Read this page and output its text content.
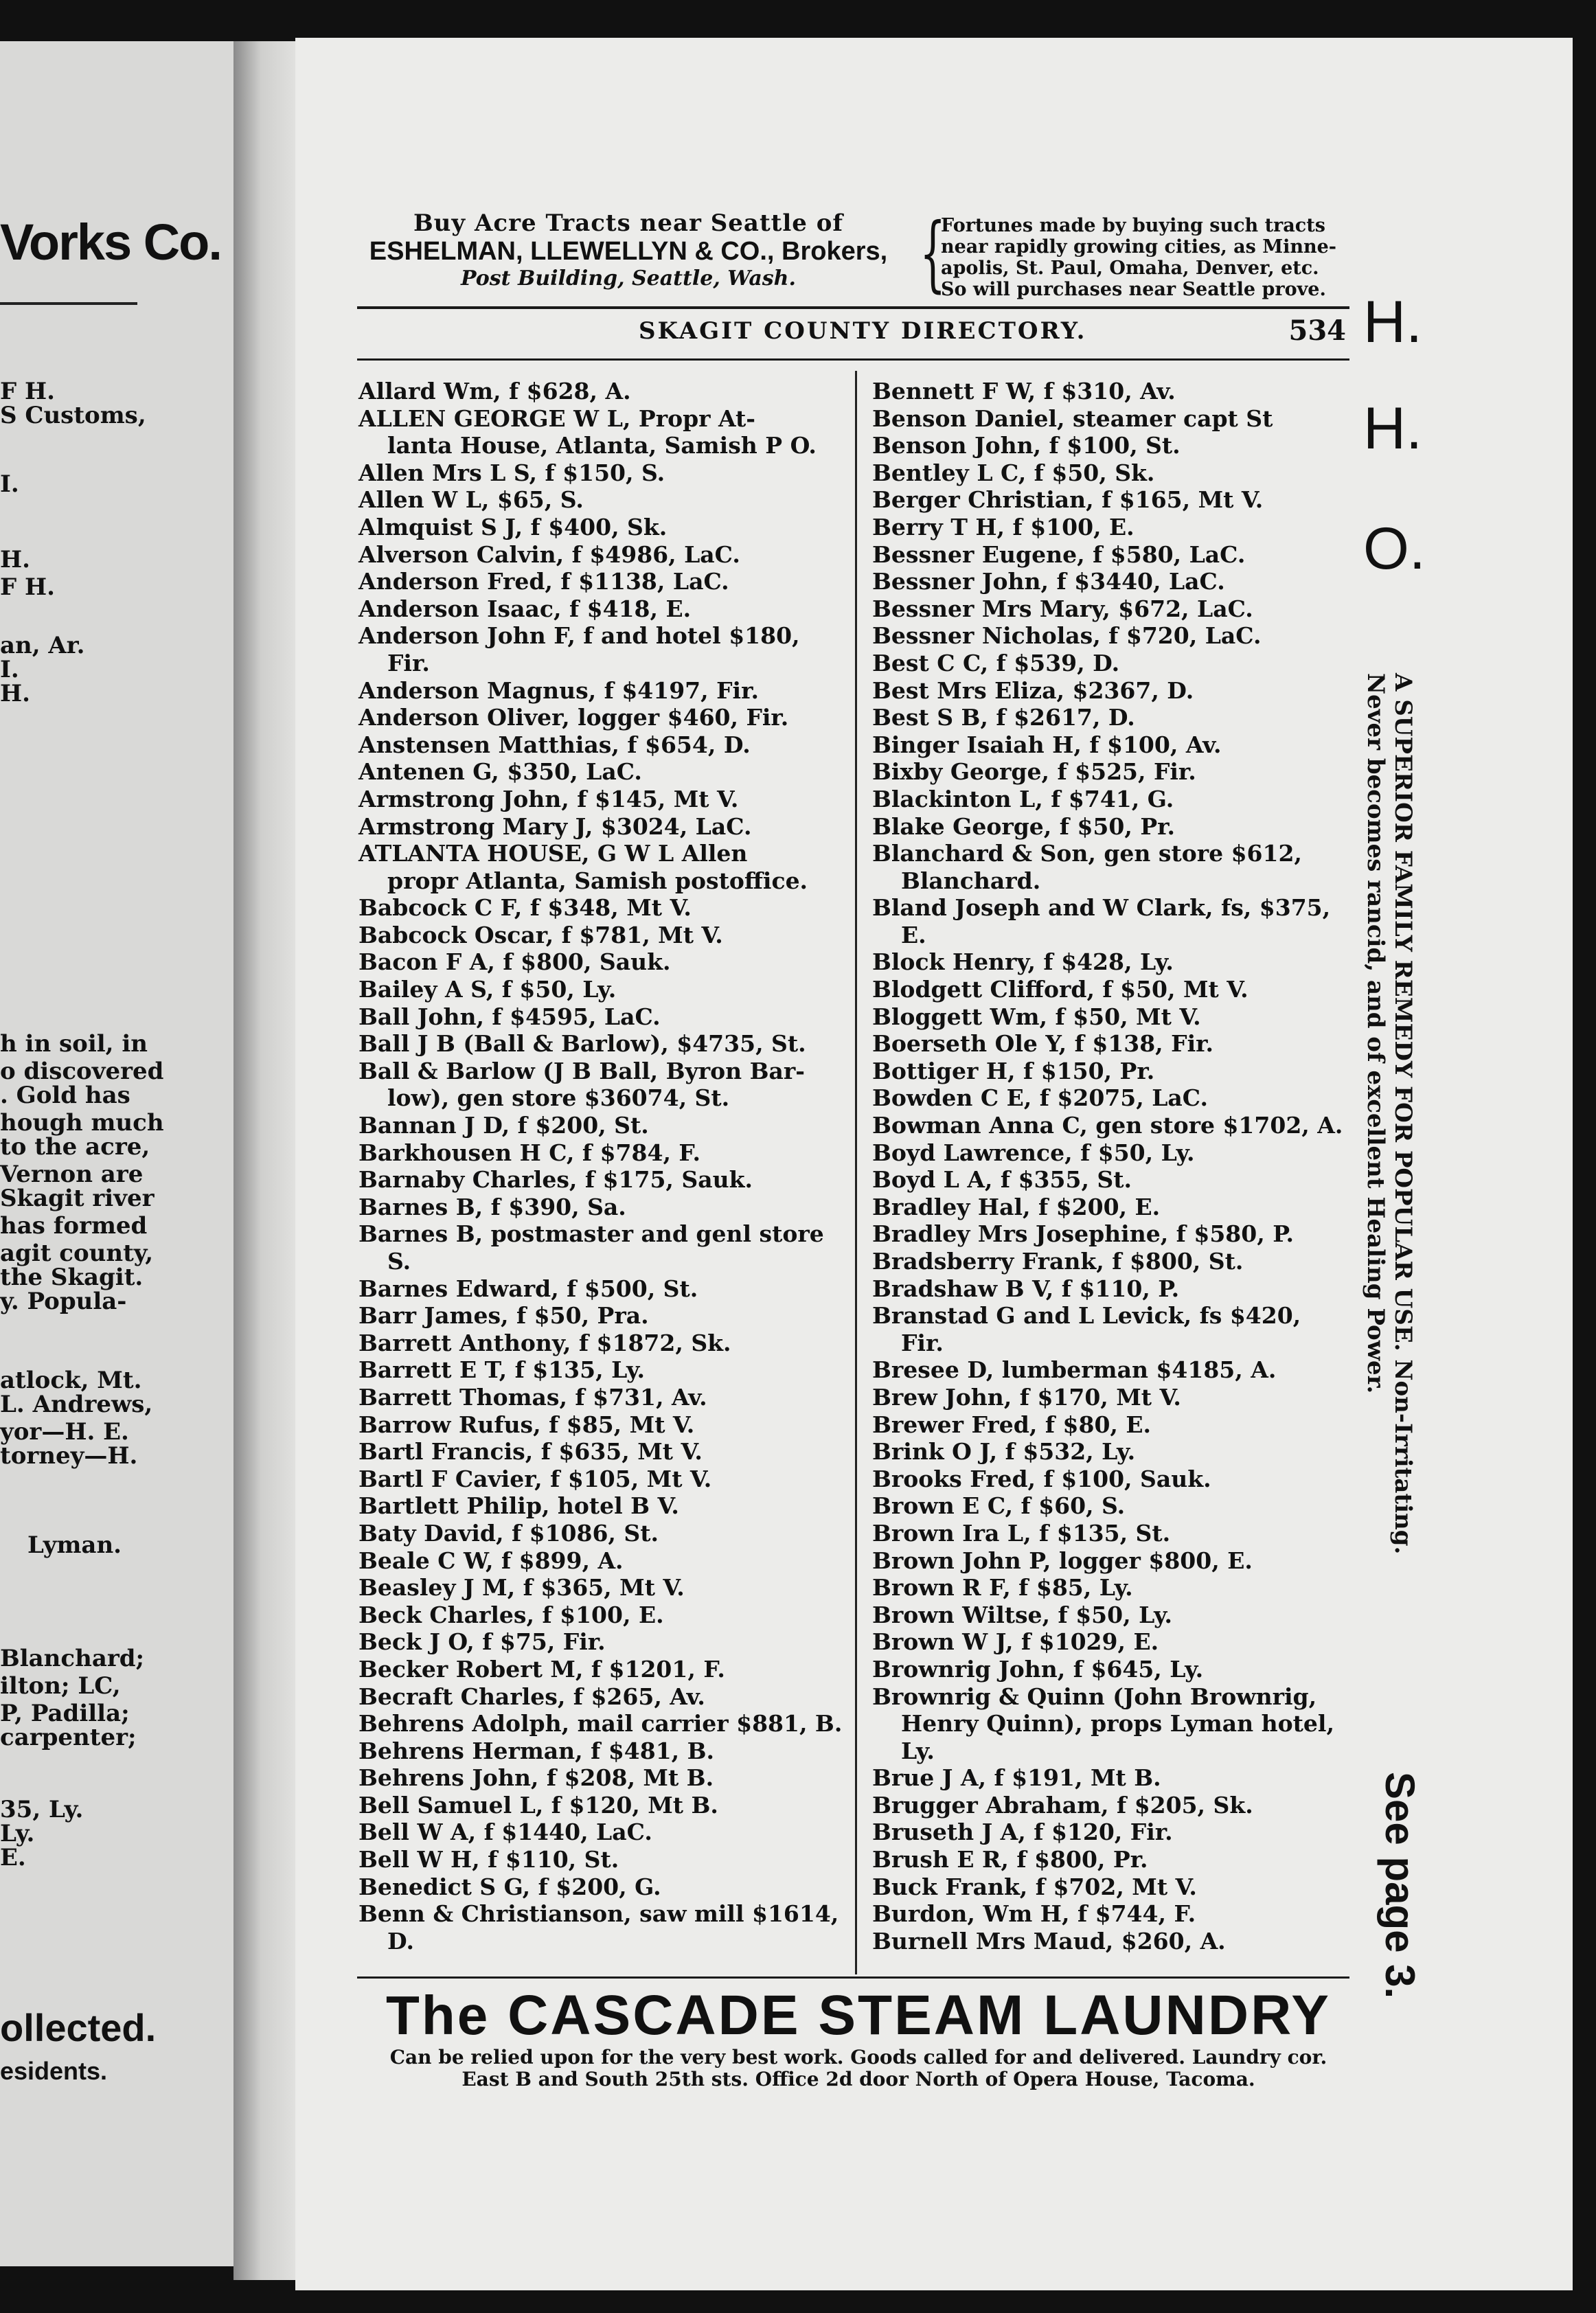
Vorks Co.
F H.
S Customs,
I.
H.
F H.
an, Ar.
I.
H.
h in soil, in
o discovered
. Gold has
hough much
to the acre,
Vernon are
Skagit river
has formed
agit county,
the Skagit.
y. Popula-
atlock, Mt.
L. Andrews,
yor—H. E.
torney—H.
Lyman.
Blanchard;
ilton; LC,
P, Padilla;
carpenter;
35, Ly.
Ly.
E.
ollected.
esidents.
Buy Acre Tracts near Seattle of
ESHELMAN, LLEWELLYN & CO., Brokers,
Post Building, Seattle, Wash.	{
Fortunes made by buying such tracts
near rapidly growing cities, as Minne-
apolis, St. Paul, Omaha, Denver, etc.
So will purchases near Seattle prove.
SKAGIT COUNTY DIRECTORY.	534
Allard Wm, f $628, A.
ALLEN GEORGE W L, Propr At-
lanta House, Atlanta, Samish P O.
Allen Mrs L S, f $150, S.
Allen W L, $65, S.
Almquist S J, f $400, Sk.
Alverson Calvin, f $4986, LaC.
Anderson Fred, f $1138, LaC.
Anderson Isaac, f $418, E.
Anderson John F, f and hotel $180,
Fir.
Anderson Magnus, f $4197, Fir.
Anderson Oliver, logger $460, Fir.
Anstensen Matthias, f $654, D.
Antenen G, $350, LaC.
Armstrong John, f $145, Mt V.
Armstrong Mary J, $3024, LaC.
ATLANTA HOUSE, G W L Allen
propr Atlanta, Samish postoffice.
Babcock C F, f $348, Mt V.
Babcock Oscar, f $781, Mt V.
Bacon F A, f $800, Sauk.
Bailey A S, f $50, Ly.
Ball John, f $4595, LaC.
Ball J B (Ball & Barlow), $4735, St.
Ball & Barlow (J B Ball, Byron Bar-
low), gen store $36074, St.
Bannan J D, f $200, St.
Barkhousen H C, f $784, F.
Barnaby Charles, f $175, Sauk.
Barnes B, f $390, Sa.
Barnes B, postmaster and genl store
S.
Barnes Edward, f $500, St.
Barr James, f $50, Pra.
Barrett Anthony, f $1872, Sk.
Barrett E T, f $135, Ly.
Barrett Thomas, f $731, Av.
Barrow Rufus, f $85, Mt V.
Bartl Francis, f $635, Mt V.
Bartl F Cavier, f $105, Mt V.
Bartlett Philip, hotel B V.
Baty David, f $1086, St.
Beale C W, f $899, A.
Beasley J M, f $365, Mt V.
Beck Charles, f $100, E.
Beck J O, f $75, Fir.
Becker Robert M, f $1201, F.
Becraft Charles, f $265, Av.
Behrens Adolph, mail carrier $881, B.
Behrens Herman, f $481, B.
Behrens John, f $208, Mt B.
Bell Samuel L, f $120, Mt B.
Bell W A, f $1440, LaC.
Bell W H, f $110, St.
Benedict S G, f $200, G.
Benn & Christianson, saw mill $1614,
D.
Bennett F W, f $310, Av.
Benson Daniel, steamer capt St
Benson John, f $100, St.
Bentley L C, f $50, Sk.
Berger Christian, f $165, Mt V.
Berry T H, f $100, E.
Bessner Eugene, f $580, LaC.
Bessner John, f $3440, LaC.
Bessner Mrs Mary, $672, LaC.
Bessner Nicholas, f $720, LaC.
Best C C, f $539, D.
Best Mrs Eliza, $2367, D.
Best S B, f $2617, D.
Binger Isaiah H, f $100, Av.
Bixby George, f $525, Fir.
Blackinton L, f $741, G.
Blake George, f $50, Pr.
Blanchard & Son, gen store $612,
Blanchard.
Bland Joseph and W Clark, fs, $375,
E.
Block Henry, f $428, Ly.
Blodgett Clifford, f $50, Mt V.
Bloggett Wm, f $50, Mt V.
Boerseth Ole Y, f $138, Fir.
Bottiger H, f $150, Pr.
Bowden C E, f $2075, LaC.
Bowman Anna C, gen store $1702, A.
Boyd Lawrence, f $50, Ly.
Boyd L A, f $355, St.
Bradley Hal, f $200, E.
Bradley Mrs Josephine, f $580, P.
Bradsberry Frank, f $800, St.
Bradshaw B V, f $110, P.
Branstad G and L Levick, fs $420,
Fir.
Bresee D, lumberman $4185, A.
Brew John, f $170, Mt V.
Brewer Fred, f $80, E.
Brink O J, f $532, Ly.
Brooks Fred, f $100, Sauk.
Brown E C, f $60, S.
Brown Ira L, f $135, St.
Brown John P, logger $800, E.
Brown R F, f $85, Ly.
Brown Wiltse, f $50, Ly.
Brown W J, f $1029, E.
Brownrig John, f $645, Ly.
Brownrig & Quinn (John Brownrig,
Henry Quinn), props Lyman hotel,
Ly.
Brue J A, f $191, Mt B.
Brugger Abraham, f $205, Sk.
Bruseth J A, f $120, Fir.
Brush E R, f $800, Pr.
Buck Frank, f $702, Mt V.
Burdon, Wm H, f $744, F.
Burnell Mrs Maud, $260, A.
H.
H.
O.
A SUPERIOR FAMILY REMEDY FOR POPULAR USE. Non-Irritating.
Never becomes rancid, and of excellent Healing Power.
See page 3.
The CASCADE STEAM LAUNDRY
Can be relied upon for the very best work. Goods called for and delivered. Laundry cor.
East B and South 25th sts. Office 2d door North of Opera House, Tacoma.
